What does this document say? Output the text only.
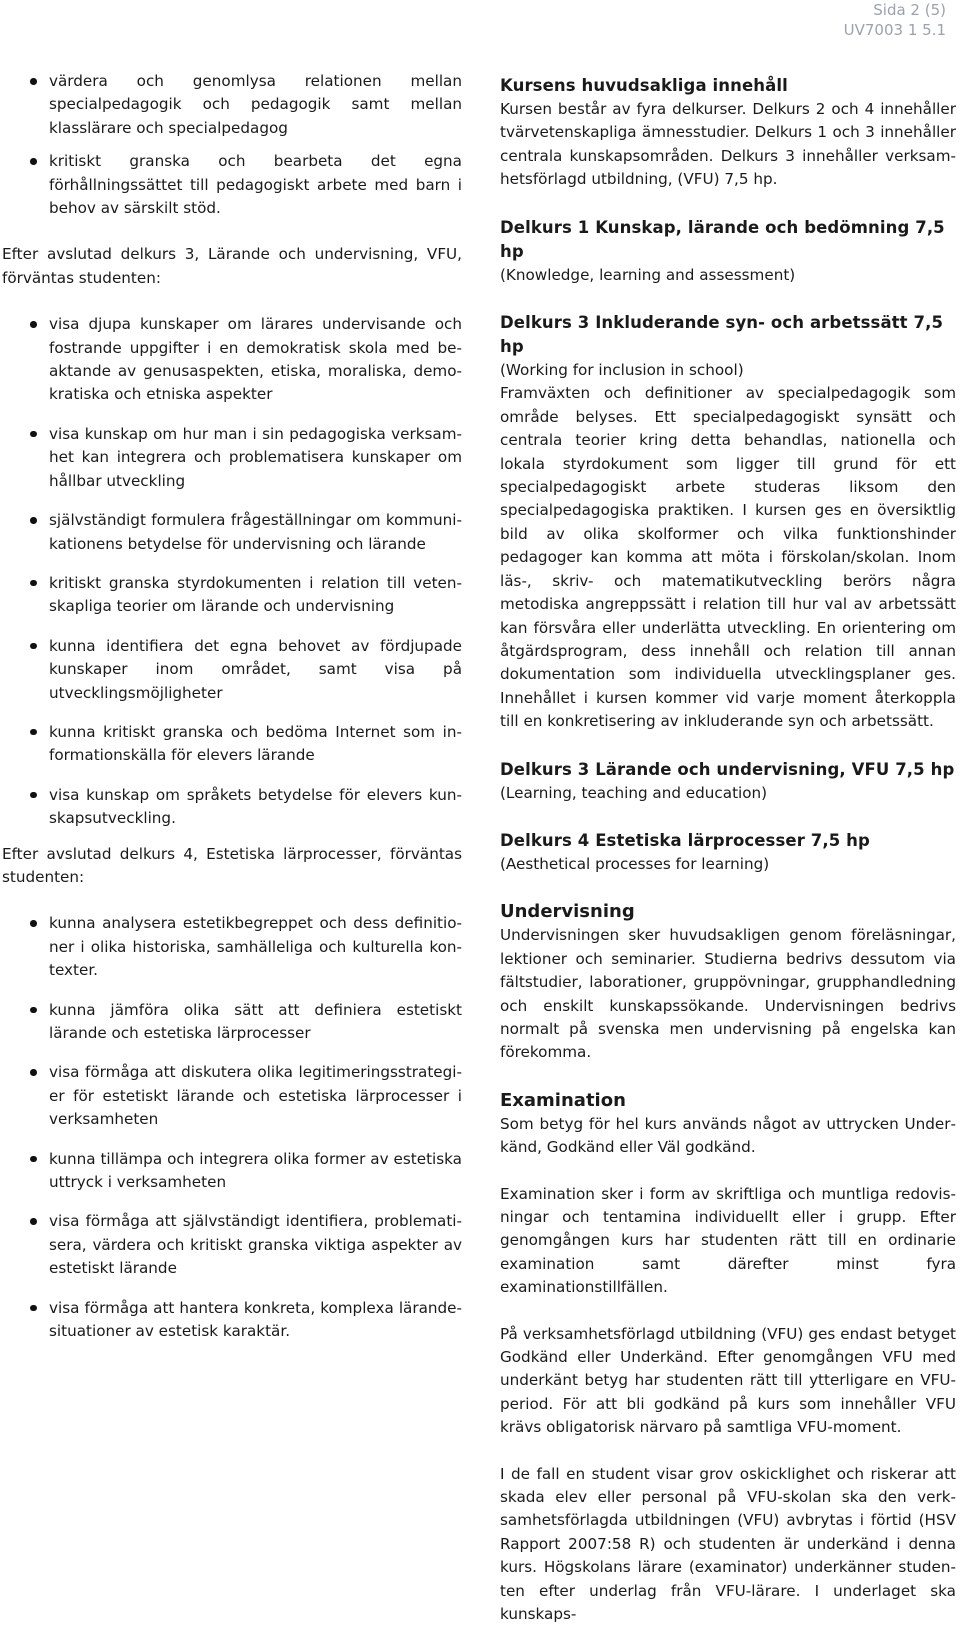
Sida 2 (5)
UV7003 1 5.1
värdera och genomlysa relationen mellan specialpedagogik och pedagogik samt mellan klasslärare och specialpedagog
kritiskt granska och bearbeta det egna förhållningssättet till pedagogiskt arbete med barn i behov av särskilt stöd.

Efter avslutad delkurs 3, Lärande och undervisning, VFU, förväntas studenten:

visa djupa kunskaper om lärares undervisande och fostrande uppgifter i en demokratisk skola med beaktande av genusaspekten, etiska, moraliska, demokratiska och etniska aspekter
visa kunskap om hur man i sin pedagogiska verksamhet kan integrera och problematisera kunskaper om hållbar utveckling
självständigt formulera frågeställningar om kommunikationens betydelse för undervisning och lärande
kritiskt granska styrdokumenten i relation till vetenskapliga teorier om lärande och undervisning
kunna identifiera det egna behovet av fördjupade kunskaper inom området, samt visa på utvecklingsmöjligheter
kunna kritiskt granska och bedöma Internet som informationskälla för elevers lärande
visa kunskap om språkets betydelse för elevers kunskapsutveckling.

Efter avslutad delkurs 4, Estetiska lärprocesser, förväntas studenten:

kunna analysera estetikbegreppet och dess definitioner i olika historiska, samhälleliga och kulturella kontexter.
kunna jämföra olika sätt att definiera estetiskt lärande och estetiska lärprocesser
visa förmåga att diskutera olika legitimeringsstrategier för estetiskt lärande och estetiska lärprocesser i verksamheten
kunna tillämpa och integrera olika former av estetiska uttryck i verksamheten
visa förmåga att självständigt identifiera, problematisera, värdera och kritiskt granska viktiga aspekter av estetiskt lärande
visa förmåga att hantera konkreta, komplexa lärandesituationer av estetisk karaktär.
Kursens huvudsakliga innehåll

Kursen består av fyra delkurser. Delkurs 2 och 4 innehåller tvärvetenskapliga ämnesstudier. Delkurs 1 och 3 innehåller centrala kunskapsområden. Delkurs 3 innehåller verksamhetsförlagd utbildning, (VFU) 7,5 hp.

Delkurs 1 Kunskap, lärande och bedömning 7,5 hp

(Knowledge, learning and assessment)

Delkurs 3 Inkluderande syn- och arbetssätt 7,5 hp

(Working for inclusion in school)

Framväxten och definitioner av specialpedagogik som område belyses. Ett specialpedagogiskt synsätt och centrala teorier kring detta behandlas, nationella och lokala styrdokument som ligger till grund för ett specialpedagogiskt arbete studeras liksom den specialpedagogiska praktiken. I kursen ges en översiktlig bild av olika skolformer och vilka funktionshinder pedagoger kan komma att möta i förskolan/skolan. Inom läs-, skriv- och matematikutveckling berörs några metodiska angreppssätt i relation till hur val av arbetssätt kan försvåra eller underlätta utveckling. En orientering om åtgärdsprogram, dess innehåll och relation till annan dokumentation som individuella utvecklingsplaner ges. Innehållet i kursen kommer vid varje moment återkoppla till en konkretisering av inkluderande syn och arbetssätt.

Delkurs 3 Lärande och undervisning, VFU 7,5 hp

(Learning, teaching and education)

Delkurs 4 Estetiska lärprocesser 7,5 hp

(Aesthetical processes for learning)

Undervisning

Undervisningen sker huvudsakligen genom föreläsningar, lektioner och seminarier. Studierna bedrivs dessutom via fältstudier, laborationer, gruppövningar, grupphandledning och enskilt kunskapssökande. Undervisningen bedrivs normalt på svenska men undervisning på engelska kan förekomma.

Examination

Som betyg för hel kurs används något av uttrycken Underkänd, Godkänd eller Väl godkänd.

Examination sker i form av skriftliga och muntliga redovisningar och tentamina individuellt eller i grupp. Efter genomgången kurs har studenten rätt till en ordinarie examination samt därefter minst fyra examinationstillfällen.

På verksamhetsförlagd utbildning (VFU) ges endast betyget Godkänd eller Underkänd. Efter genomgången VFU med underkänt betyg har studenten rätt till ytterligare en VFU-period. För att bli godkänd på kurs som innehåller VFU krävs obligatorisk närvaro på samtliga VFU-moment.

I de fall en student visar grov oskicklighet och riskerar att skada elev eller personal på VFU-skolan ska den verksamhetsförlagda utbildningen (VFU) avbrytas i förtid (HSV Rapport 2007:58 R) och studenten är underkänd i denna kurs. Högskolans lärare (examinator) underkänner studenten efter underlag från VFU-lärare. I underlaget ska kunskaps-
